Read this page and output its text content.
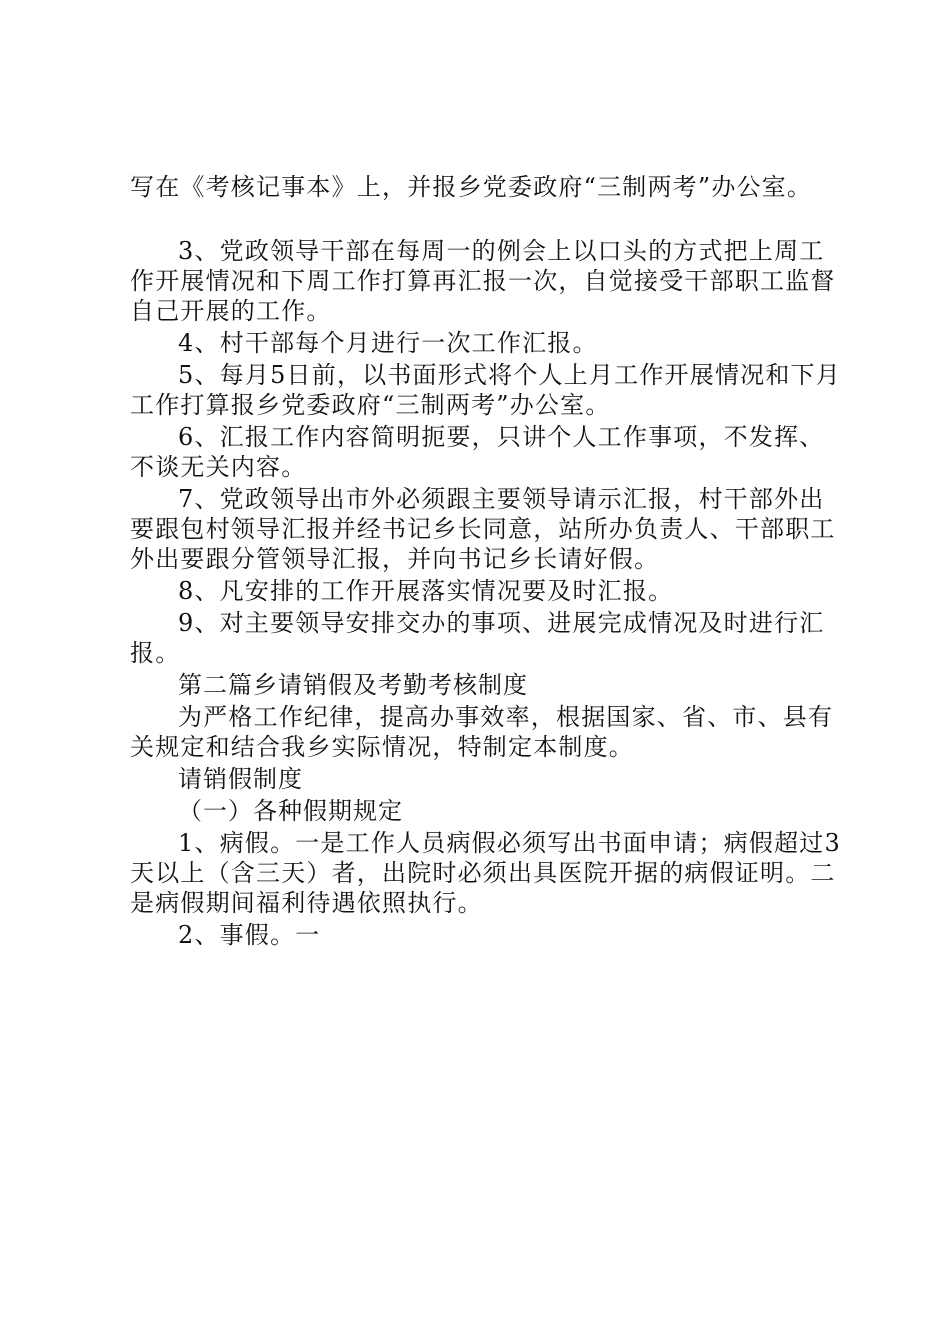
写在《考核记事本》上，并报乡党委政府“三制两考”办公室。

3、党政领导干部在每周一的例会上以口头的方式把上周工作开展情况和下周工作打算再汇报一次，自觉接受干部职工监督自己开展的工作。

4、村干部每个月进行一次工作汇报。

5、每月5日前，以书面形式将个人上月工作开展情况和下月工作打算报乡党委政府“三制两考”办公室。

6、汇报工作内容简明扼要，只讲个人工作事项，不发挥、不谈无关内容。

7、党政领导出市外必须跟主要领导请示汇报，村干部外出要跟包村领导汇报并经书记乡长同意，站所办负责人、干部职工外出要跟分管领导汇报，并向书记乡长请好假。

8、凡安排的工作开展落实情况要及时汇报。

9、对主要领导安排交办的事项、进展完成情况及时进行汇报。

第二篇乡请销假及考勤考核制度

为严格工作纪律，提高办事效率，根据国家、省、市、县有关规定和结合我乡实际情况，特制定本制度。

请销假制度

（一）各种假期规定

1、病假。一是工作人员病假必须写出书面申请；病假超过3天以上（含三天）者，出院时必须出具医院开据的病假证明。二是病假期间福利待遇依照执行。

2、事假。一
